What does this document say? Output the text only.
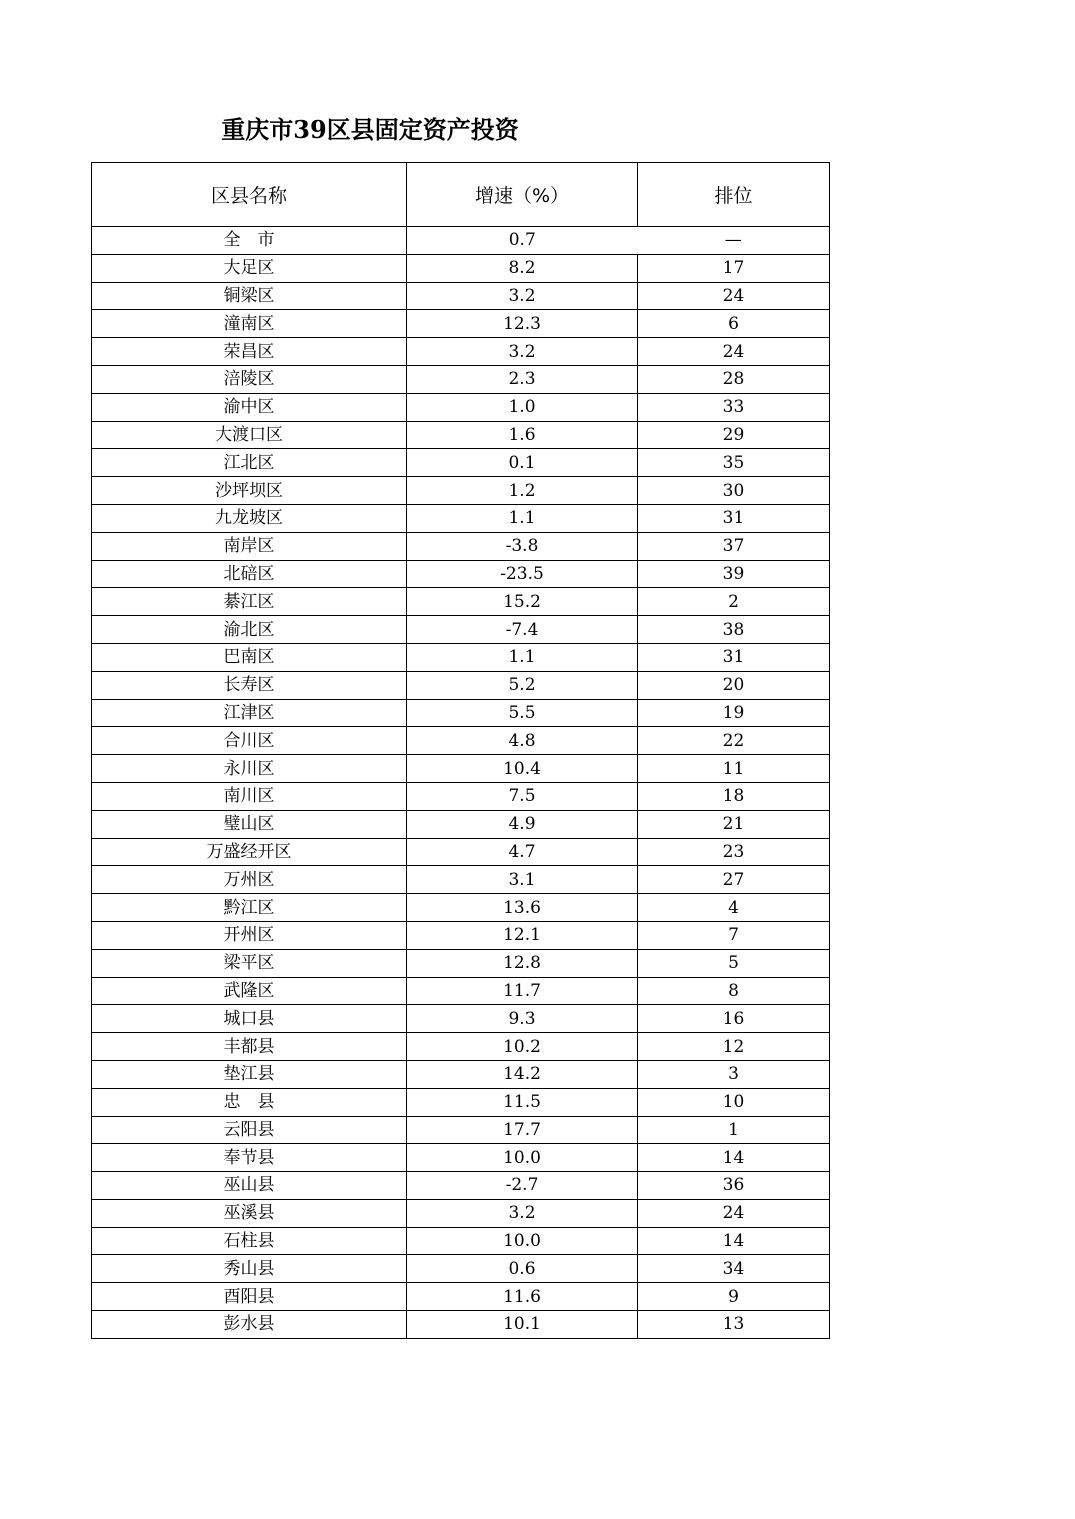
重庆市39区县固定资产投资
区县名称	增速（%）	排位
全　市	0.7	—
大足区	8.2	17
铜梁区	3.2	24
潼南区	12.3	6
荣昌区	3.2	24
涪陵区	2.3	28
渝中区	1.0	33
大渡口区	1.6	29
江北区	0.1	35
沙坪坝区	1.2	30
九龙坡区	1.1	31
南岸区	-3.8	37
北碚区	-23.5	39
綦江区	15.2	2
渝北区	-7.4	38
巴南区	1.1	31
长寿区	5.2	20
江津区	5.5	19
合川区	4.8	22
永川区	10.4	11
南川区	7.5	18
璧山区	4.9	21
万盛经开区	4.7	23
万州区	3.1	27
黔江区	13.6	4
开州区	12.1	7
梁平区	12.8	5
武隆区	11.7	8
城口县	9.3	16
丰都县	10.2	12
垫江县	14.2	3
忠　县	11.5	10
云阳县	17.7	1
奉节县	10.0	14
巫山县	-2.7	36
巫溪县	3.2	24
石柱县	10.0	14
秀山县	0.6	34
酉阳县	11.6	9
彭水县	10.1	13
